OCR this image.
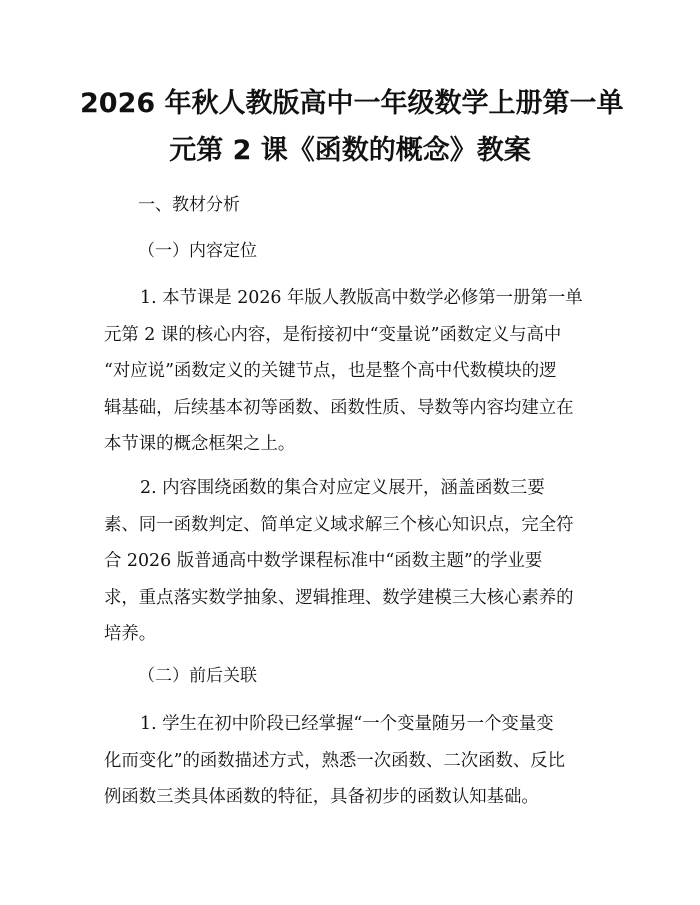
2026 年秋人教版高中一年级数学上册第一单
元第 2 课《函数的概念》教案
一、教材分析
（一）内容定位
1. 本节课是 2026 年版人教版高中数学必修第一册第一单
元第 2 课的核心内容，是衔接初中“变量说”函数定义与高中
“对应说”函数定义的关键节点，也是整个高中代数模块的逻
辑基础，后续基本初等函数、函数性质、导数等内容均建立在
本节课的概念框架之上。
2. 内容围绕函数的集合对应定义展开，涵盖函数三要
素、同一函数判定、简单定义域求解三个核心知识点，完全符
合 2026 版普通高中数学课程标准中“函数主题”的学业要
求，重点落实数学抽象、逻辑推理、数学建模三大核心素养的
培养。
（二）前后关联
1. 学生在初中阶段已经掌握“一个变量随另一个变量变
化而变化”的函数描述方式，熟悉一次函数、二次函数、反比
例函数三类具体函数的特征，具备初步的函数认知基础。
